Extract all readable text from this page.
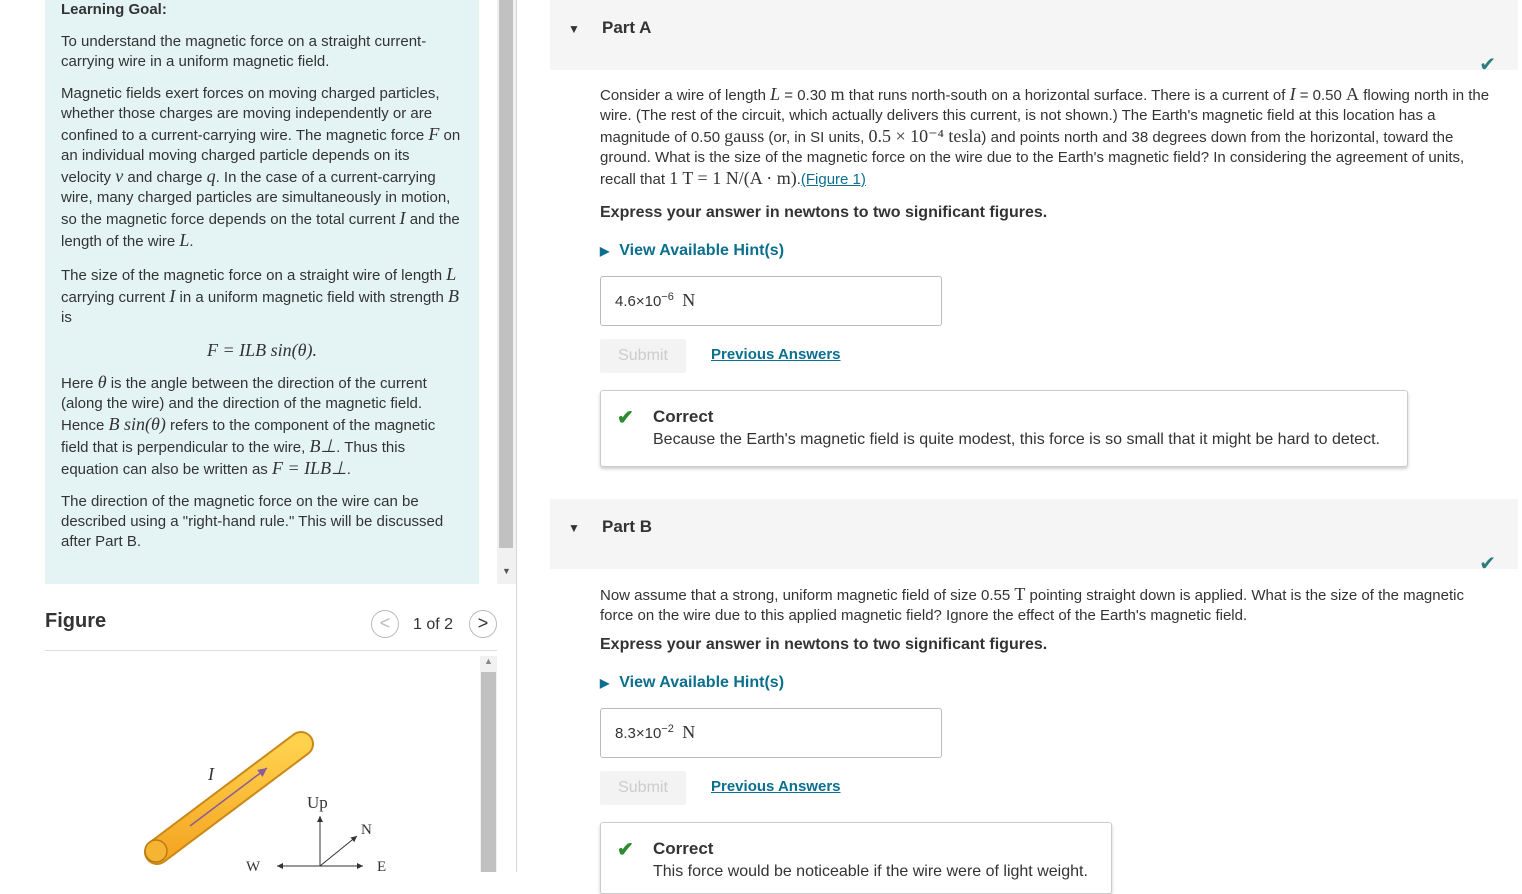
Learning Goal:

To understand the magnetic force on a straight current-carrying wire in a uniform magnetic field.

Magnetic fields exert forces on moving charged particles, whether those charges are moving independently or are confined to a current-carrying wire. The magnetic force F on an individual moving charged particle depends on its velocity v and charge q. In the case of a current-carrying wire, many charged particles are simultaneously in motion, so the magnetic force depends on the total current I and the length of the wire L.

The size of the magnetic force on a straight wire of length L carrying current I in a uniform magnetic field with strength B is

F = ILB sin(θ).

Here θ is the angle between the direction of the current (along the wire) and the direction of the magnetic field. Hence B sin(θ) refers to the component of the magnetic field that is perpendicular to the wire, B⊥. Thus this equation can also be written as F = ILB⊥.

The direction of the magnetic force on the wire can be described using a "right-hand rule." This will be discussed after Part B.

▼
Figure	<	1 of 2	>
▲
I
Up
N
W	E
▼ Part A
✔
Consider a wire of length L = 0.30 m that runs north-south on a horizontal surface. There is a current of I = 0.50 A flowing north in the wire. (The rest of the circuit, which actually delivers this current, is not shown.) The Earth's magnetic field at this location has a magnitude of 0.50 gauss (or, in SI units, 0.5 × 10⁻⁴ tesla) and points north and 38 degrees down from the horizontal, toward the ground. What is the size of the magnetic force on the wire due to the Earth's magnetic field? In considering the agreement of units, recall that 1 T = 1 N/(A · m).(Figure 1)
Express your answer in newtons to two significant figures.
▶ View Available Hint(s)
$4.6\times 10^{-6}$ N
Submit	Previous Answers
✔ Correct
Because the Earth's magnetic field is quite modest, this force is so small that it might be hard to detect.
▼ Part B
✔
Now assume that a strong, uniform magnetic field of size 0.55 T pointing straight down is applied. What is the size of the magnetic force on the wire due to this applied magnetic field? Ignore the effect of the Earth's magnetic field.
Express your answer in newtons to two significant figures.
▶ View Available Hint(s)
$8.3\times 10^{-2}$ N
Submit	Previous Answers
✔ Correct
This force would be noticeable if the wire were of light weight.
